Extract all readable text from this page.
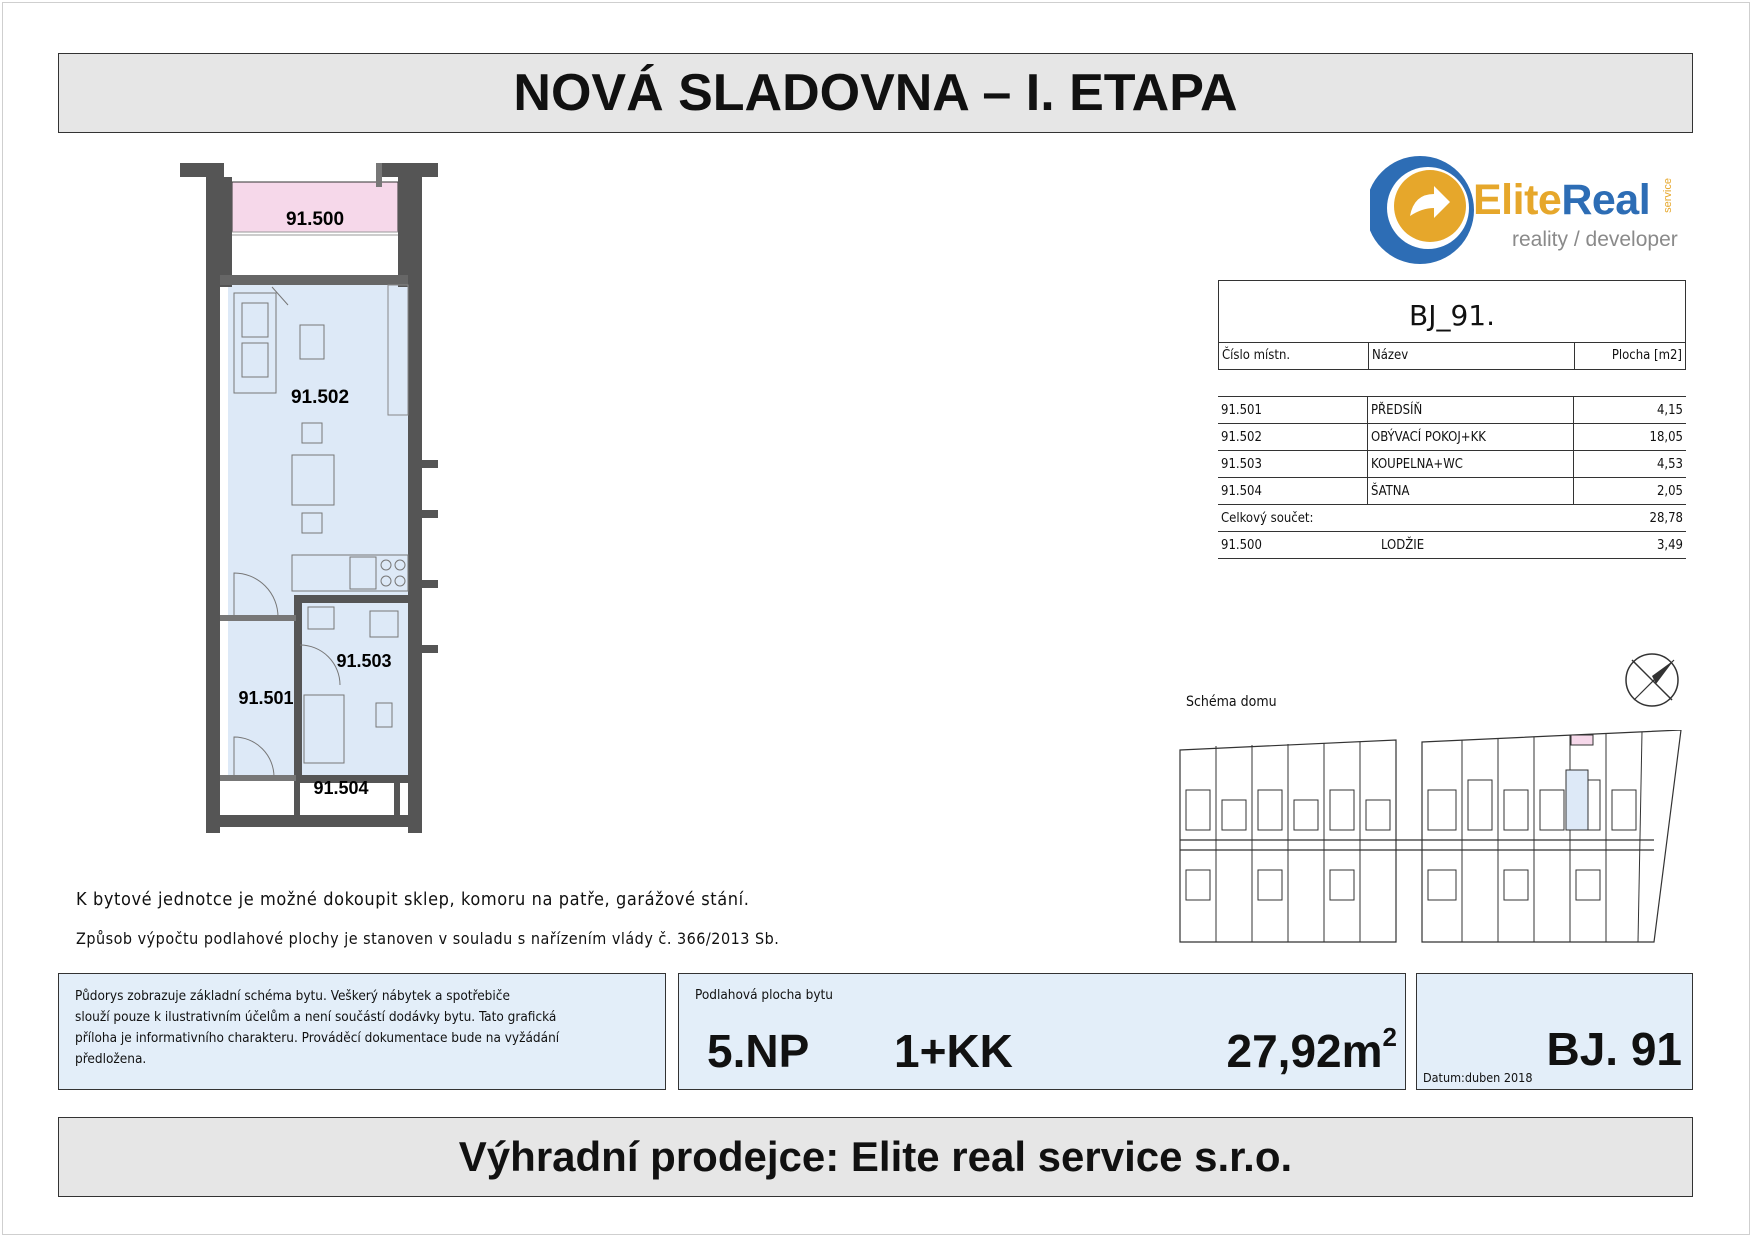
NOVÁ SLADOVNA – I. ETAPA
EliteReal service
reality / developer
91.500
91.502
91.503
91.501
91.504
BJ_91.
Číslo místn.	Název	Plocha [m2]
91.501	PŘEDSÍŇ	4,15
91.502	OBÝVACÍ POKOJ+KK	18,05
91.503	KOUPELNA+WC	4,53
91.504	ŠATNA	2,05
Celkový součet:	28,78
91.500	LODŽIE	3,49
Schéma domu
K bytové jednotce je možné dokoupit sklep, komoru na patře, garážové stání.
Způsob výpočtu podlahové plochy je stanoven v souladu s nařízením vlády č. 366/2013 Sb.
Půdorys zobrazuje základní schéma bytu. Veškerý nábytek a spotřebiče
slouží pouze k ilustrativním účelům a není součástí dodávky bytu. Tato grafická
příloha je informativního charakteru. Prováděcí dokumentace bude na vyžádání
předložena.
Podlahová plocha bytu
5.NP 1+KK	$27,92m^2$	BJ. 91
Datum:duben 2018
Výhradní prodejce: Elite real service s.r.o.
